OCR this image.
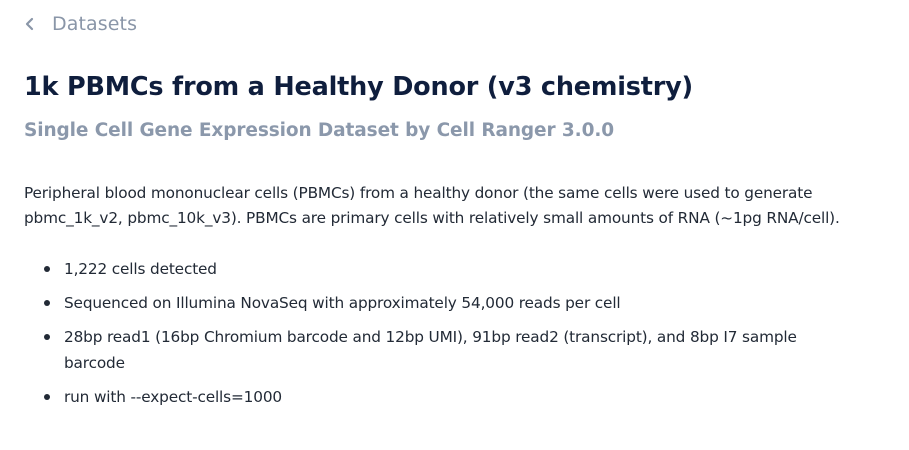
Datasets
1k PBMCs from a Healthy Donor (v3 chemistry)
Single Cell Gene Expression Dataset by Cell Ranger 3.0.0

Peripheral blood mononuclear cells (PBMCs) from a healthy donor (the same cells were used to generate
pbmc_1k_v2, pbmc_10k_v3). PBMCs are primary cells with relatively small amounts of RNA (~1pg RNA/cell).

1,222 cells detected
Sequenced on Illumina NovaSeq with approximately 54,000 reads per cell
28bp read1 (16bp Chromium barcode and 12bp UMI), 91bp read2 (transcript), and 8bp I7 sample
barcode
run with --expect-cells=1000
